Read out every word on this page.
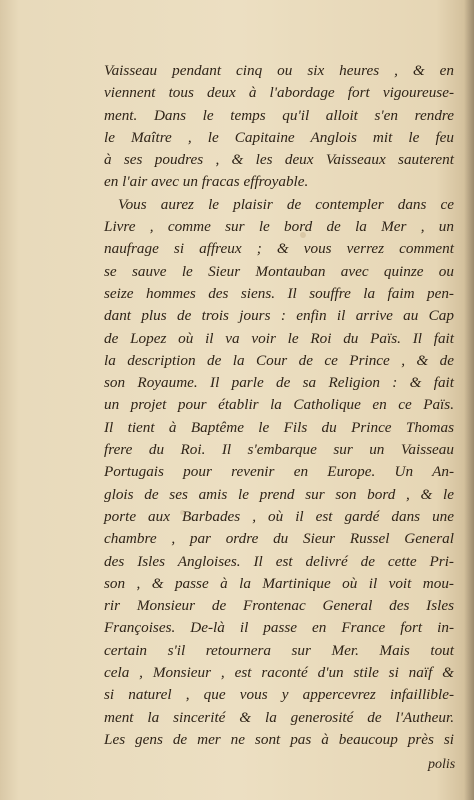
Vaisseau pendant cinq ou six heures , & en
viennent tous deux à l'abordage fort vigoureuse-
ment. Dans le temps qu'il alloit s'en rendre
le Maître , le Capitaine Anglois mit le feu
à ses poudres , & les deux Vaisseaux sauterent
en l'air avec un fracas effroyable.
Vous aurez le plaisir de contempler dans ce
Livre , comme sur le bord de la Mer , un
naufrage si affreux ; & vous verrez comment
se sauve le Sieur Montauban avec quinze ou
seize hommes des siens. Il souffre la faim pen-
dant plus de trois jours : enfin il arrive au Cap
de Lopez où il va voir le Roi du Païs. Il fait
la description de la Cour de ce Prince , & de
son Royaume. Il parle de sa Religion : & fait
un projet pour établir la Catholique en ce Païs.
Il tient à Baptême le Fils du Prince Thomas
frere du Roi. Il s'embarque sur un Vaisseau
Portugais pour revenir en Europe. Un An-
glois de ses amis le prend sur son bord , & le
porte aux Barbades , où il est gardé dans une
chambre , par ordre du Sieur Russel General
des Isles Angloises. Il est delivré de cette Pri-
son , & passe à la Martinique où il voit mou-
rir Monsieur de Frontenac General des Isles
Françoises. De-là il passe en France fort in-
certain s'il retournera sur Mer. Mais tout
cela , Monsieur , est raconté d'un stile si naïf &
si naturel , que vous y appercevrez infaillible-
ment la sincerité & la generosité de l'Autheur.
Les gens de mer ne sont pas à beaucoup près si
polis
